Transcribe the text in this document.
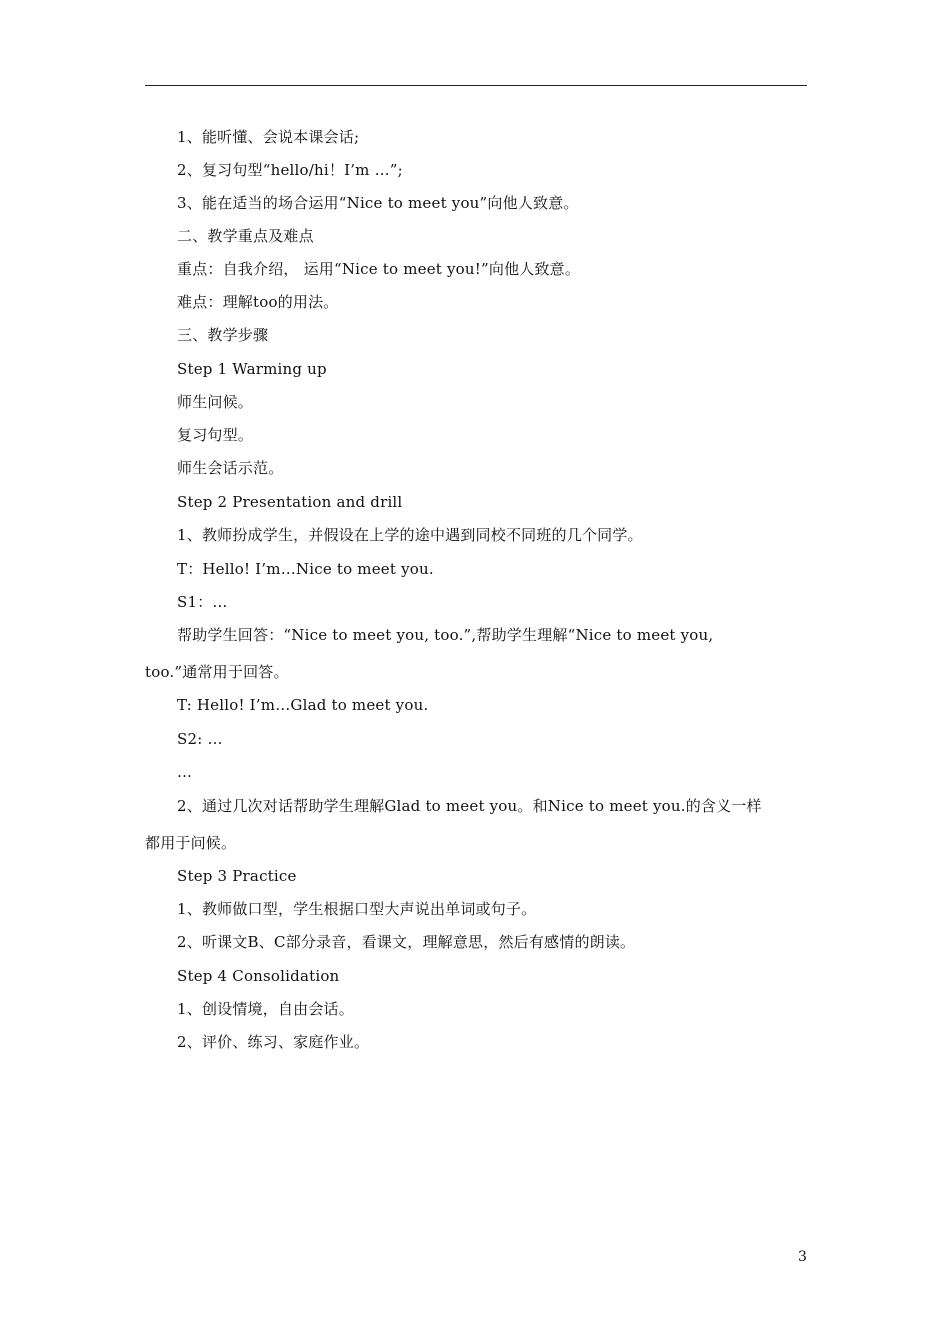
1、能听懂、会说本课会话;
2、复习句型“hello/hi！I’m …”;
3、能在适当的场合运用“Nice to meet you”向他人致意。
二、教学重点及难点
重点：自我介绍， 运用“Nice to meet you!”向他人致意。
难点：理解too的用法。
三、教学步骤
Step 1 Warming up
师生问候。
复习句型。
师生会话示范。
Step 2 Presentation and drill
1、教师扮成学生，并假设在上学的途中遇到同校不同班的几个同学。
T：Hello! I’m…Nice to meet you.
S1：…
帮助学生回答：“Nice to meet you, too.”,帮助学生理解“Nice to meet you,
too.”通常用于回答。
T: Hello! I’m…Glad to meet you.
S2: …
…
2、通过几次对话帮助学生理解Glad to meet you。和Nice to meet you.的含义一样
都用于问候。
Step 3 Practice
1、教师做口型，学生根据口型大声说出单词或句子。
2、听课文B、C部分录音，看课文，理解意思，然后有感情的朗读。
Step 4 Consolidation
1、创设情境，自由会话。
2、评价、练习、家庭作业。
3
